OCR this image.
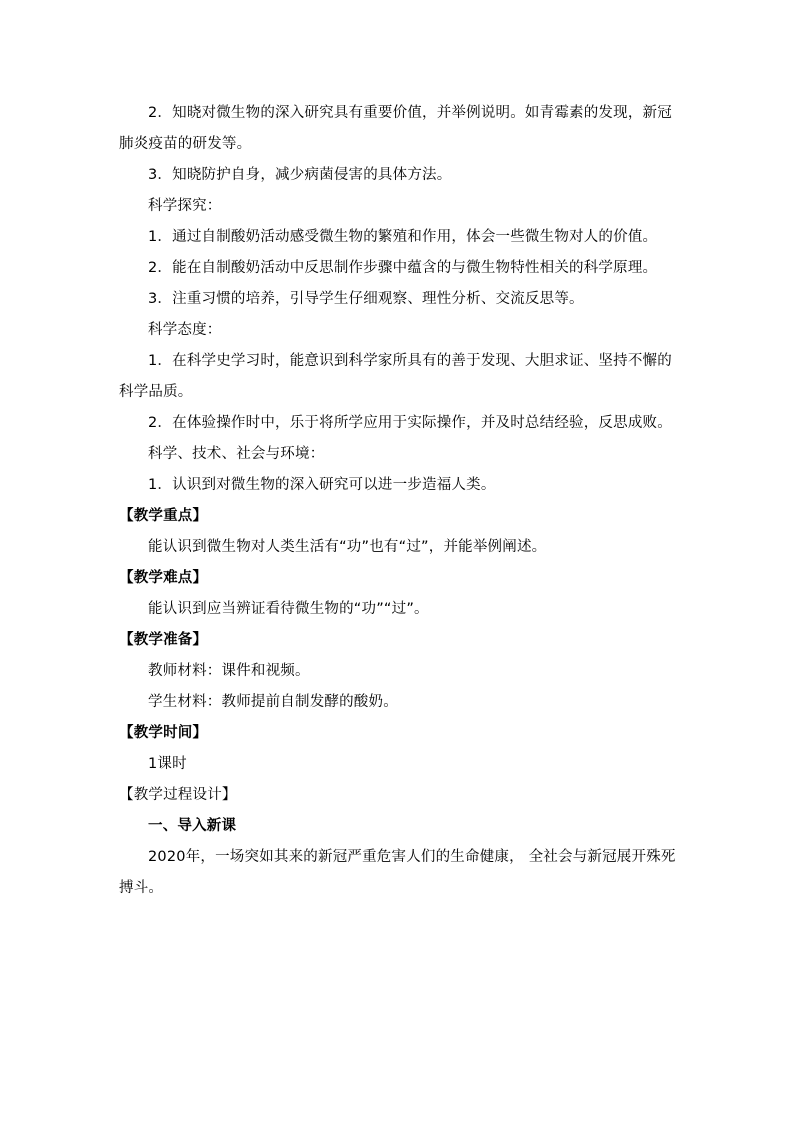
2．知晓对微生物的深入研究具有重要价值，并举例说明。如青霉素的发现，新冠肺炎疫苗的研发等。

3．知晓防护自身，减少病菌侵害的具体方法。

科学探究：

1．通过自制酸奶活动感受微生物的繁殖和作用，体会一些微生物对人的价值。

2．能在自制酸奶活动中反思制作步骤中蕴含的与微生物特性相关的科学原理。

3．注重习惯的培养，引导学生仔细观察、理性分析、交流反思等。

科学态度：

1．在科学史学习时，能意识到科学家所具有的善于发现、大胆求证、坚持不懈的科学品质。

2．在体验操作时中，乐于将所学应用于实际操作，并及时总结经验，反思成败。

科学、技术、社会与环境：

1．认识到对微生物的深入研究可以进一步造福人类。

【教学重点】

能认识到微生物对人类生活有“功”也有“过”，并能举例阐述。

【教学难点】

能认识到应当辨证看待微生物的“功”“过”。

【教学准备】

教师材料：课件和视频。

学生材料：教师提前自制发酵的酸奶。

【教学时间】

1课时

【教学过程设计】

一、导入新课

2020年，一场突如其来的新冠严重危害人们的生命健康， 全社会与新冠展开殊死搏斗。
